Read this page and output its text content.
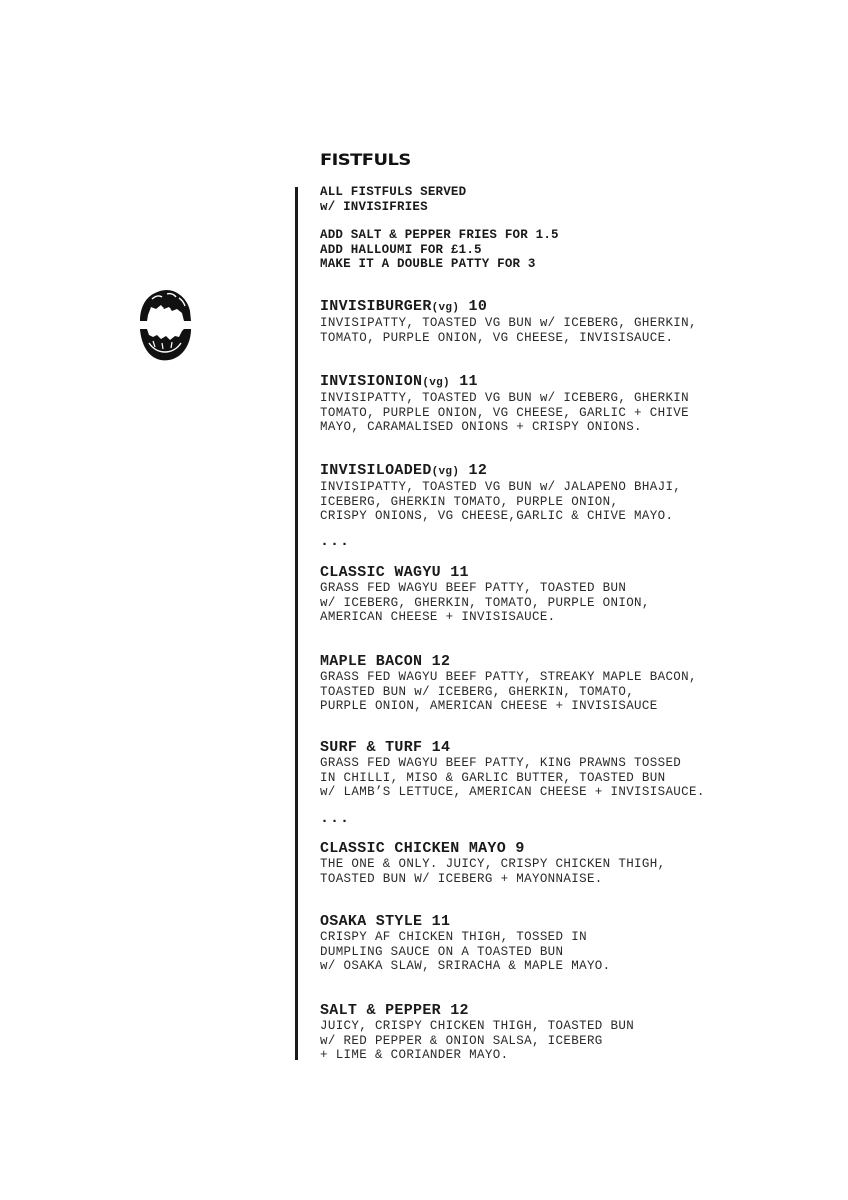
FISTFULS

ALL FISTFULS SERVED
w/ INVISIFRIES

ADD SALT & PEPPER FRIES FOR 1.5
ADD HALLOUMI FOR £1.5
MAKE IT A DOUBLE PATTY FOR 3

INVISIBURGER(vg) 10

INVISIPATTY, TOASTED VG BUN w/ ICEBERG, GHERKIN,
TOMATO, PURPLE ONION, VG CHEESE, INVISISAUCE.

INVISIONION(vg) 11

INVISIPATTY, TOASTED VG BUN w/ ICEBERG, GHERKIN
TOMATO, PURPLE ONION, VG CHEESE, GARLIC + CHIVE
MAYO, CARAMALISED ONIONS + CRISPY ONIONS.

INVISILOADED(vg) 12

INVISIPATTY, TOASTED VG BUN w/ JALAPENO BHAJI,
ICEBERG, GHERKIN TOMATO, PURPLE ONION,
CRISPY ONIONS, VG CHEESE,GARLIC & CHIVE MAYO.

...

CLASSIC WAGYU 11

GRASS FED WAGYU BEEF PATTY, TOASTED BUN
w/ ICEBERG, GHERKIN, TOMATO, PURPLE ONION,
AMERICAN CHEESE + INVISISAUCE.

MAPLE BACON 12

GRASS FED WAGYU BEEF PATTY, STREAKY MAPLE BACON,
TOASTED BUN w/ ICEBERG, GHERKIN, TOMATO,
PURPLE ONION, AMERICAN CHEESE + INVISISAUCE

SURF & TURF 14

GRASS FED WAGYU BEEF PATTY, KING PRAWNS TOSSED
IN CHILLI, MISO & GARLIC BUTTER, TOASTED BUN
w/ LAMB’S LETTUCE, AMERICAN CHEESE + INVISISAUCE.

...

CLASSIC CHICKEN MAYO 9

THE ONE & ONLY. JUICY, CRISPY CHICKEN THIGH,
TOASTED BUN W/ ICEBERG + MAYONNAISE.

OSAKA STYLE 11

CRISPY AF CHICKEN THIGH, TOSSED IN
DUMPLING SAUCE ON A TOASTED BUN
w/ OSAKA SLAW, SRIRACHA & MAPLE MAYO.

SALT & PEPPER 12

JUICY, CRISPY CHICKEN THIGH, TOASTED BUN
w/ RED PEPPER & ONION SALSA, ICEBERG
+ LIME & CORIANDER MAYO.
